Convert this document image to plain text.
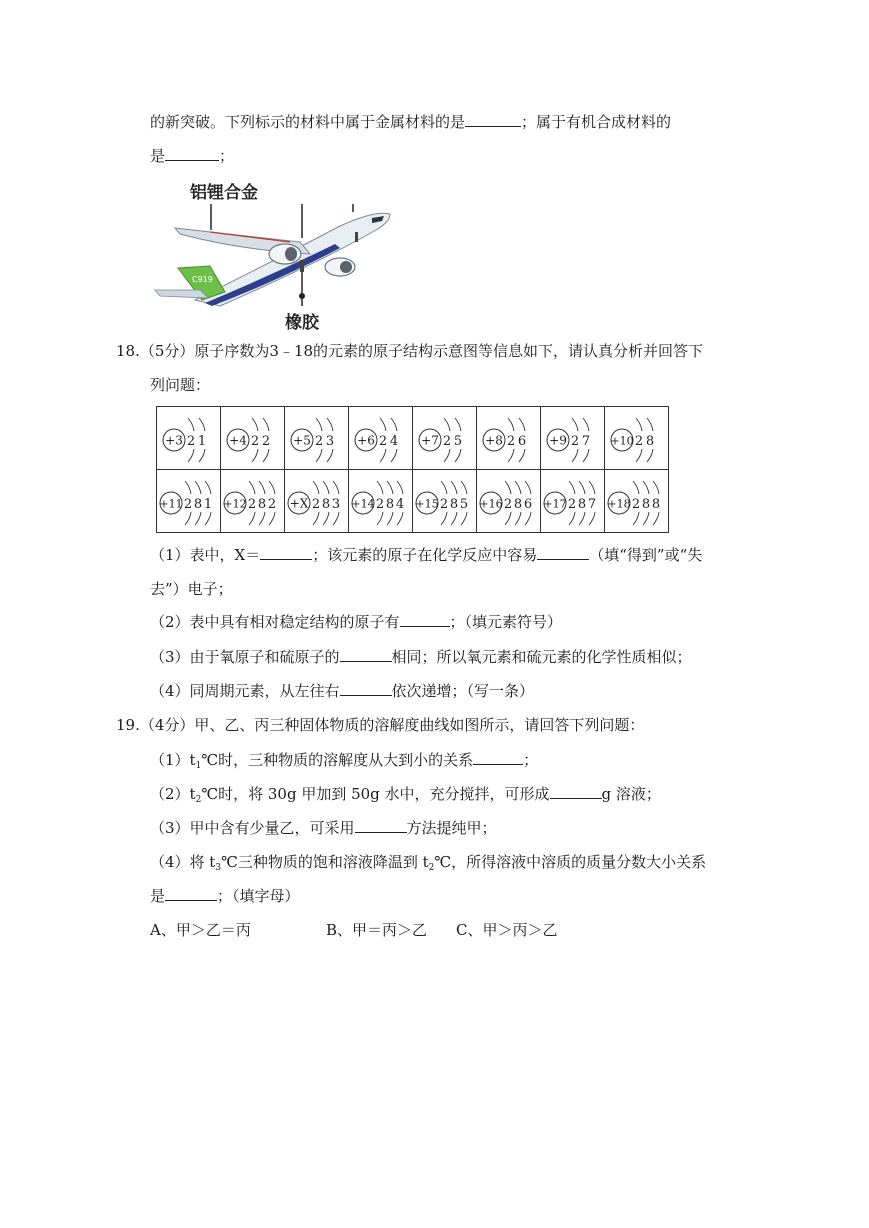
的新突破。下列标示的材料中属于金属材料的是	；属于有机合成材料的
是	；
铝锂合金
橡胶
C919
18.（5分）原子序数为3﹣18的元素的原子结构示意图等信息如下，请认真分析并回答下
列问题：
+3 2 1	+4 2 2	+5 2 3	+6 2 4	+7 2 5	+8 2 6	+9 2 7	+10 2 8

+11 2 8 1	+12 2 8 2	+X 2 8 3	+14 2 8 4	+15 2 8 5	+16 2 8 6	+17 2 8 7	+18 2 8 8
（1）表中，X＝	；该元素的原子在化学反应中容易	（填“得到”或“失
去”）电子；
（2）表中具有相对稳定结构的原子有	；（填元素符号）
（3）由于氧原子和硫原子的	相同；所以氧元素和硫元素的化学性质相似；
（4）同周期元素，从左往右	依次递增；（写一条）
19.（4分）甲、乙、丙三种固体物质的溶解度曲线如图所示，请回答下列问题：
$(1)t_1℃$时，三种物质的溶解度从大到小的关系	；
$(2)t_2℃$时，将 30g 甲加到 50g 水中，充分搅拌，可形成	g 溶液；
（3）甲中含有少量乙，可采用	方法提纯甲；
（4）将 $t_3℃$三种物质的饱和溶液降温到 $t_2℃$，所得溶液中溶质的质量分数大小关系
是	；（填字母）
A、甲＞乙＝丙	B、甲＝丙＞乙 C、甲＞丙＞乙
